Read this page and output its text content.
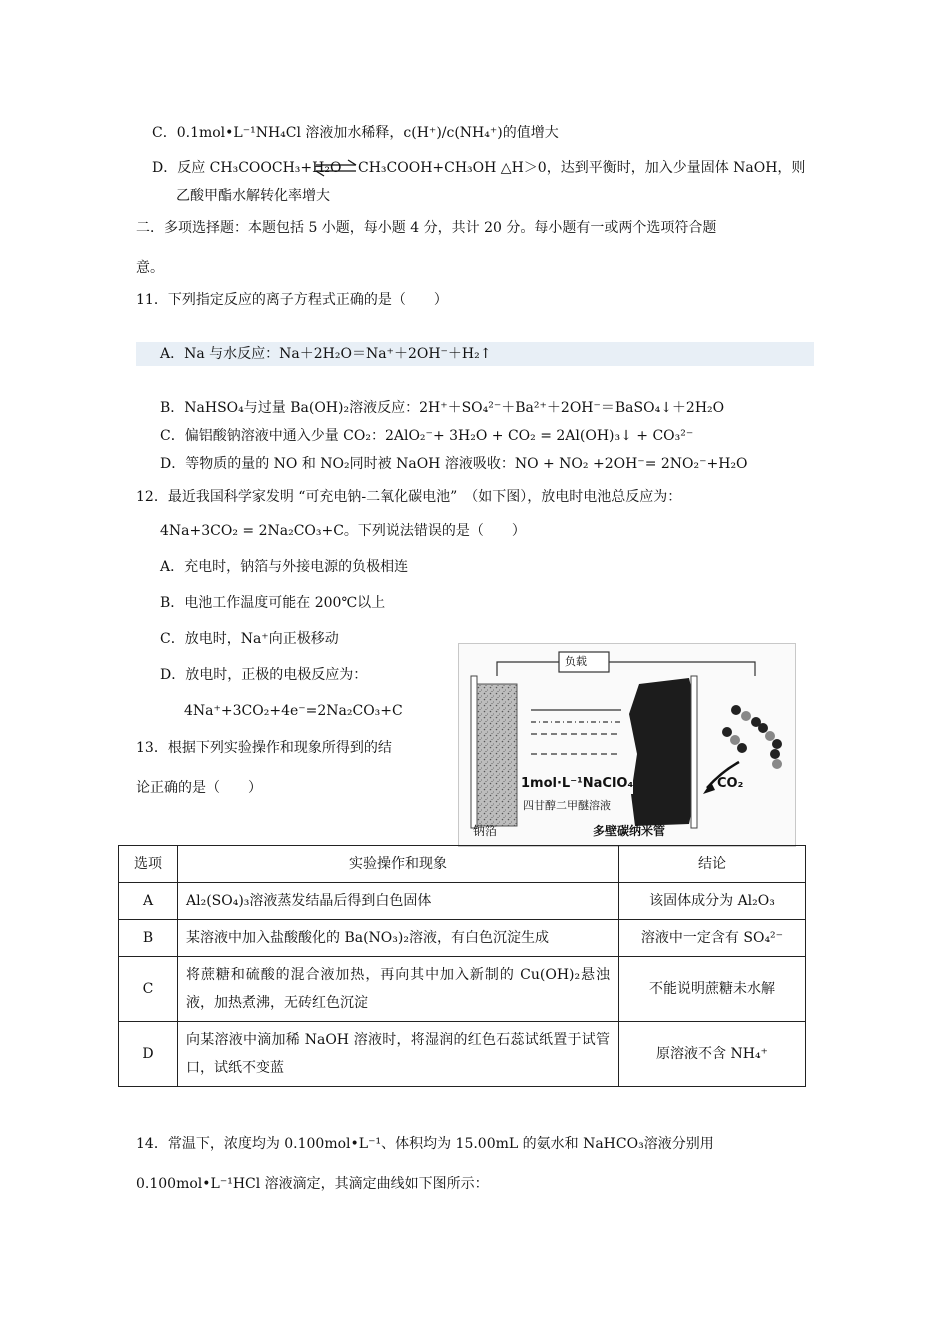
C．0.1mol•L⁻¹NH₄Cl 溶液加水稀释，c(H⁺)/c(NH₄⁺)的值增大
D．反应 CH₃COOCH₃+H₂O ⇌ CH₃COOH+CH₃OH △H＞0，达到平衡时，加入少量固体 NaOH，则
乙酸甲酯水解转化率增大
二．多项选择题：本题包括 5 小题，每小题 4 分，共计 20 分。每小题有一或两个选项符合题
意。
11．下列指定反应的离子方程式正确的是（　　）
A．Na 与水反应：Na＋2H₂O＝Na⁺＋2OH⁻＋H₂↑
B．NaHSO₄与过量 Ba(OH)₂溶液反应：2H⁺＋SO₄²⁻＋Ba²⁺＋2OH⁻＝BaSO₄↓＋2H₂O
C．偏铝酸钠溶液中通入少量 CO₂：2AlO₂⁻+ 3H₂O + CO₂ = 2Al(OH)₃↓ + CO₃²⁻
D．等物质的量的 NO 和 NO₂同时被 NaOH 溶液吸收：NO + NO₂ +2OH⁻= 2NO₂⁻+H₂O
12．最近我国科学家发明 “可充电钠-二氧化碳电池”　（如下图），放电时电池总反应为：
4Na+3CO₂ = 2Na₂CO₃+C。下列说法错误的是（　　）
A．充电时，钠箔与外接电源的负极相连
B．电池工作温度可能在 200℃以上
C．放电时，Na⁺向正极移动
D．放电时，正极的电极反应为：
4Na⁺+3CO₂+4e⁻=2Na₂CO₃+C
负载
1mol·L⁻¹NaClO₄
四甘醇二甲醚溶液
钠箔	多壁碳纳米管
CO₂
13．根据下列实验操作和现象所得到的结
论正确的是（　　）
选项	实验操作和现象	结论
A	Al₂(SO₄)₃溶液蒸发结晶后得到白色固体	该固体成分为 Al₂O₃
B	某溶液中加入盐酸酸化的 Ba(NO₃)₂溶液，有白色沉淀生成	溶液中一定含有 SO₄²⁻
C	将蔗糖和硫酸的混合液加热，再向其中加入新制的 Cu(OH)₂悬浊液，加热煮沸，无砖红色沉淀	不能说明蔗糖未水解
D	向某溶液中滴加稀 NaOH 溶液时，将湿润的红色石蕊试纸置于试管口，试纸不变蓝	原溶液不含 NH₄⁺
14．常温下，浓度均为 0.100mol•L⁻¹、体积均为 15.00mL 的氨水和 NaHCO₃溶液分别用
0.100mol•L⁻¹HCl 溶液滴定，其滴定曲线如下图所示：
